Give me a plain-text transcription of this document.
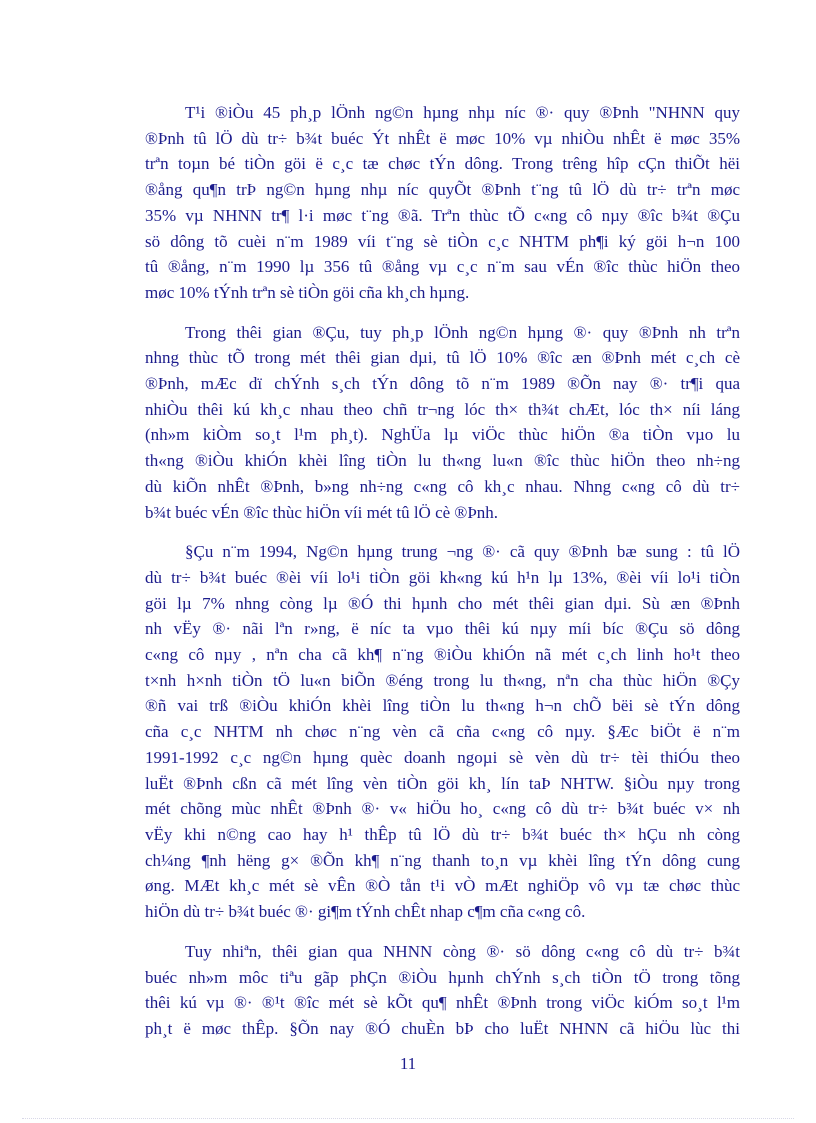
T¹i ®iÒu 45 ph¸p lÖnh ng©n hµng nhµ níc ®· quy ®Þnh "NHNN quy
®Þnh tû lÖ dù tr÷ b¾t buéc Ýt nhÊt ë møc 10% vµ nhiÒu nhÊt ë møc 35%
trªn toµn bé tiÒn göi ë c¸c tæ chøc tÝn dông. Trong trêng hîp cÇn thiÕt hëi
®ång qu¶n trÞ ng©n hµng nhµ níc quyÕt ®Þnh t¨ng tû lÖ dù tr÷ trªn møc
35% vµ NHNN tr¶ l·i møc t¨ng ®ã. Trªn thùc tÕ c«ng cô nµy ®îc b¾t ®Çu
sö dông tõ cuèi n¨m 1989 víi t¨ng sè tiÒn c¸c NHTM ph¶i ký göi h¬n 100
tû ®ång, n¨m 1990 lµ 356 tû ®ång vµ c¸c n¨m sau vÉn ®îc thùc hiÖn theo
møc 10% tÝnh trªn sè tiÒn göi cña kh¸ch hµng.
Trong thêi gian ®Çu, tuy ph¸p lÖnh ng©n hµng ®· quy ®Þnh nh trªn
nhng thùc tÕ trong mét thêi gian dµi, tû lÖ 10% ®îc æn ®Þnh mét c¸ch cè
®Þnh, mÆc dï chÝnh s¸ch tÝn dông tõ n¨m 1989 ®Õn nay ®· tr¶i qua
nhiÒu thêi kú kh¸c nhau theo chñ tr¬ng lóc th× th¾t chÆt, lóc th× níi láng
(nh»m kiÒm so¸t l¹m ph¸t). NghÜa lµ viÖc thùc hiÖn ®a tiÒn vµo lu
th«ng ®iÒu khiÓn khèi lîng tiÒn lu th«ng lu«n ®îc thùc hiÖn theo nh÷ng
dù kiÕn nhÊt ®Þnh, b»ng nh÷ng c«ng cô kh¸c nhau. Nhng c«ng cô dù tr÷
b¾t buéc vÉn ®îc thùc hiÖn víi mét tû lÖ cè ®Þnh.
§Çu n¨m 1994, Ng©n hµng trung ¬ng ®· cã quy ®Þnh bæ sung : tû lÖ
dù tr÷ b¾t buéc ®èi víi lo¹i tiÒn göi kh«ng kú h¹n lµ 13%, ®èi víi lo¹i tiÒn
göi lµ 7% nhng còng lµ ®Ó thi hµnh cho mét thêi gian dµi. Sù æn ®Þnh
nh vËy ®· nãi lªn r»ng, ë níc ta vµo thêi kú nµy míi bíc ®Çu sö dông
c«ng cô nµy , nªn cha cã kh¶ n¨ng ®iÒu khiÓn nã mét c¸ch linh ho¹t theo
t×nh h×nh tiÒn tÖ lu«n biÕn ®éng trong lu th«ng, nªn cha thùc hiÖn ®Çy
®ñ vai trß ®iÒu khiÓn khèi lîng tiÒn lu th«ng h¬n chÕ bëi sè tÝn dông
cña c¸c NHTM nh chøc n¨ng vèn cã cña c«ng cô nµy. §Æc biÖt ë n¨m
1991-1992 c¸c ng©n hµng quèc doanh ngoµi sè vèn dù tr÷ tèi thiÓu theo
luËt ®Þnh cßn cã mét lîng vèn tiÒn göi kh¸ lín taÞ NHTW. §iÒu nµy trong
mét chõng mùc nhÊt ®Þnh ®· v« hiÖu ho¸ c«ng cô dù tr÷ b¾t buéc v× nh
vËy khi n©ng cao hay h¹ thÊp tû lÖ dù tr÷ b¾t buéc th× hÇu nh còng
ch¼ng ¶nh hëng g× ®Õn kh¶ n¨ng thanh to¸n vµ khèi lîng tÝn dông cung
øng. MÆt kh¸c mét sè vÊn ®Ò tån t¹i vÒ mÆt nghiÖp vô vµ tæ chøc thùc
hiÖn dù tr÷ b¾t buéc ®· gi¶m tÝnh chÊt nhap c¶m cña c«ng cô.
Tuy nhiªn, thêi gian qua NHNN còng ®· sö dông c«ng cô dù tr÷ b¾t
buéc nh»m môc tiªu gãp phÇn ®iÒu hµnh chÝnh s¸ch tiÒn tÖ trong tõng
thêi kú vµ ®· ®¹t ®îc mét sè kÕt qu¶ nhÊt ®Þnh trong viÖc kiÓm so¸t l¹m
ph¸t ë møc thÊp. §Õn nay ®Ó chuÈn bÞ cho luËt NHNN cã hiÖu lùc thi
11
